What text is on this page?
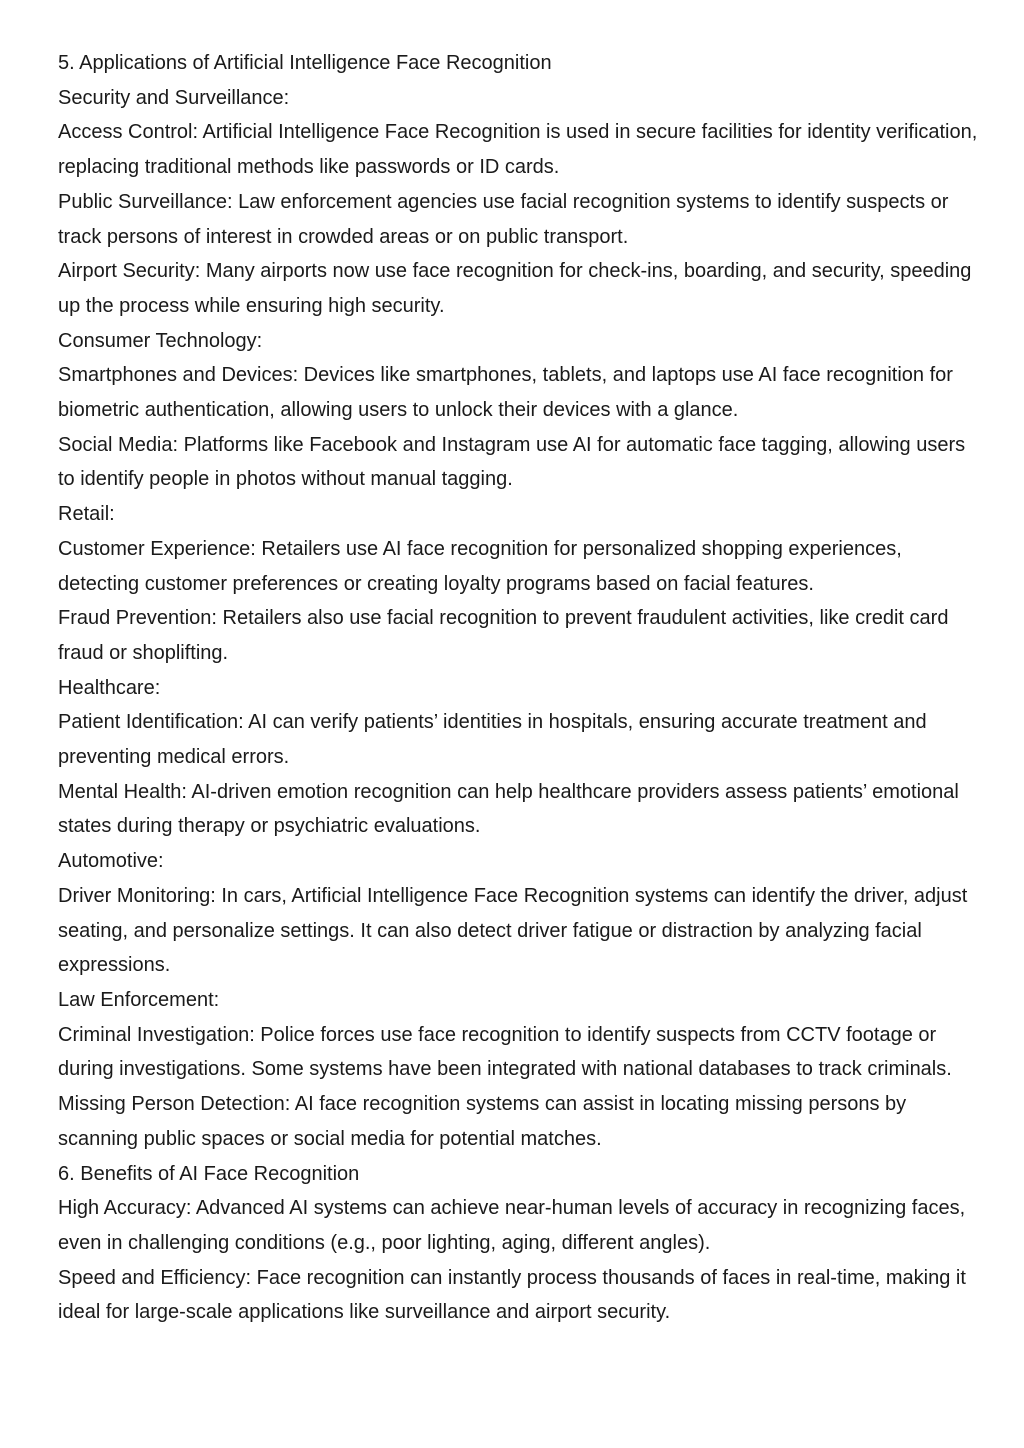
5. Applications of Artificial Intelligence Face Recognition

Security and Surveillance:

Access Control: Artificial Intelligence Face Recognition is used in secure facilities for identity verification, replacing traditional methods like passwords or ID cards.

Public Surveillance: Law enforcement agencies use facial recognition systems to identify suspects or track persons of interest in crowded areas or on public transport.

Airport Security: Many airports now use face recognition for check-ins, boarding, and security, speeding up the process while ensuring high security.

Consumer Technology:

Smartphones and Devices: Devices like smartphones, tablets, and laptops use AI face recognition for biometric authentication, allowing users to unlock their devices with a glance.

Social Media: Platforms like Facebook and Instagram use AI for automatic face tagging, allowing users to identify people in photos without manual tagging.

Retail:

Customer Experience: Retailers use AI face recognition for personalized shopping experiences, detecting customer preferences or creating loyalty programs based on facial features.

Fraud Prevention: Retailers also use facial recognition to prevent fraudulent activities, like credit card fraud or shoplifting.

Healthcare:

Patient Identification: AI can verify patients’ identities in hospitals, ensuring accurate treatment and preventing medical errors.

Mental Health: AI-driven emotion recognition can help healthcare providers assess patients’ emotional states during therapy or psychiatric evaluations.

Automotive:

Driver Monitoring: In cars, Artificial Intelligence Face Recognition systems can identify the driver, adjust seating, and personalize settings. It can also detect driver fatigue or distraction by analyzing facial expressions.

Law Enforcement:

Criminal Investigation: Police forces use face recognition to identify suspects from CCTV footage or during investigations. Some systems have been integrated with national databases to track criminals.

Missing Person Detection: AI face recognition systems can assist in locating missing persons by scanning public spaces or social media for potential matches.

6. Benefits of AI Face Recognition

High Accuracy: Advanced AI systems can achieve near-human levels of accuracy in recognizing faces, even in challenging conditions (e.g., poor lighting, aging, different angles).

Speed and Efficiency: Face recognition can instantly process thousands of faces in real-time, making it ideal for large-scale applications like surveillance and airport security.
